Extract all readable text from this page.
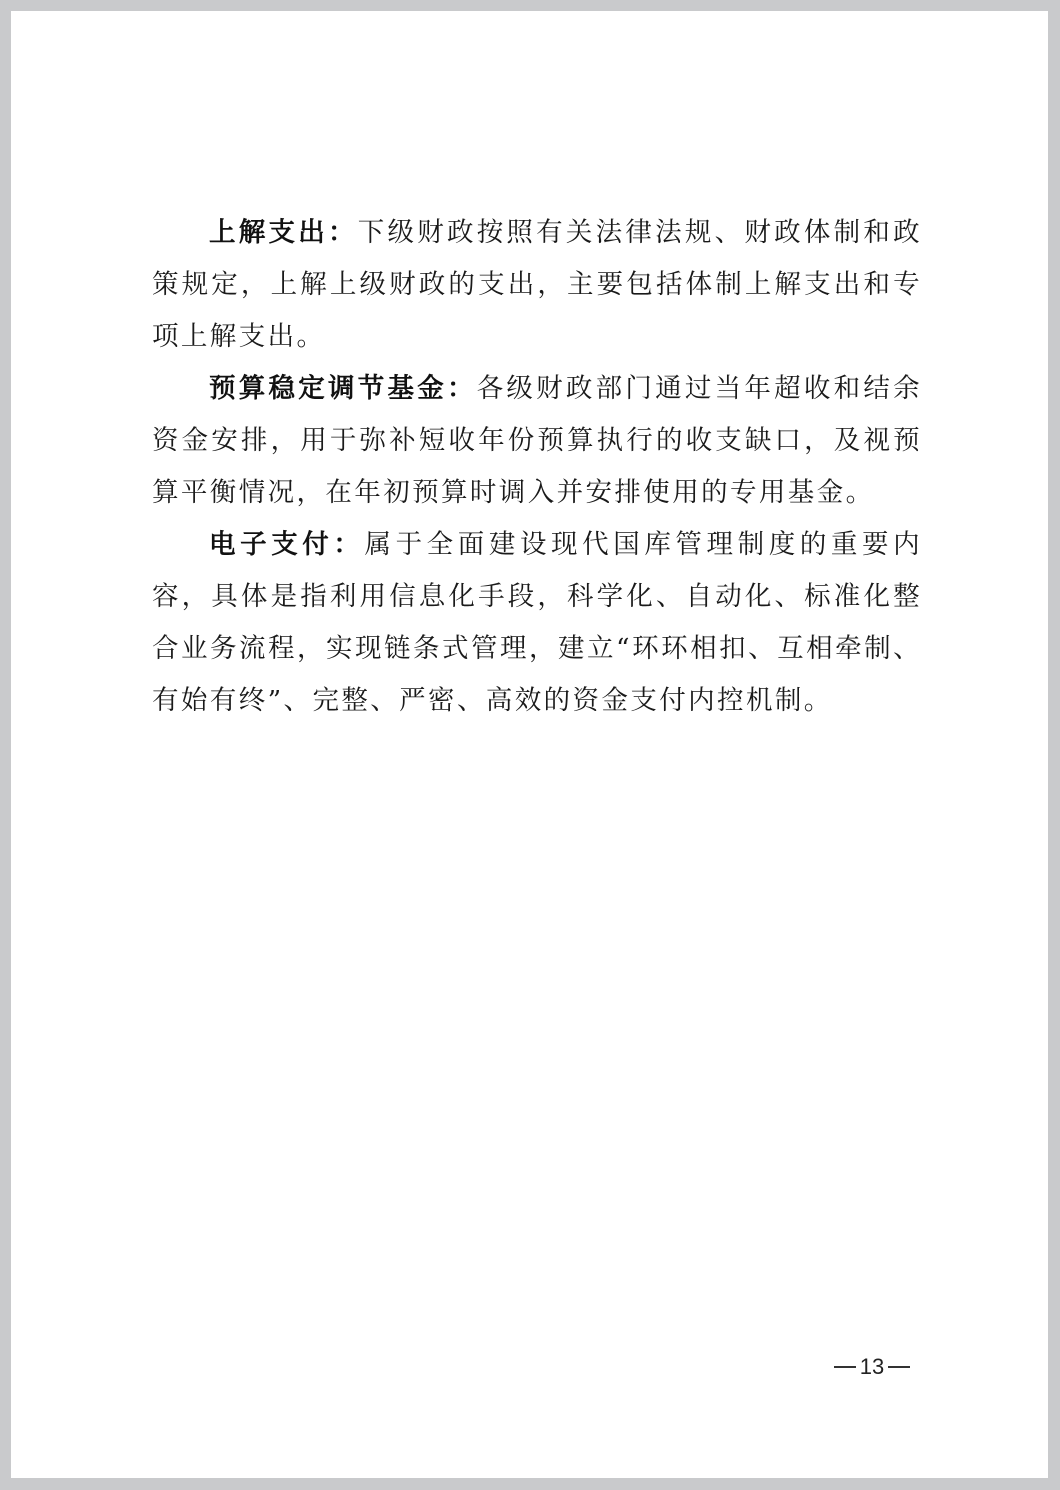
上解支出：下级财政按照有关法律法规、财政体制和政策规定，上解上级财政的支出，主要包括体制上解支出和专项上解支出。

预算稳定调节基金：各级财政部门通过当年超收和结余资金安排，用于弥补短收年份预算执行的收支缺口，及视预算平衡情况，在年初预算时调入并安排使用的专用基金。

电子支付：属于全面建设现代国库管理制度的重要内容，具体是指利用信息化手段，科学化、自动化、标准化整合业务流程，实现链条式管理，建立“环环相扣、互相牵制、有始有终”、完整、严密、高效的资金支付内控机制。

13
